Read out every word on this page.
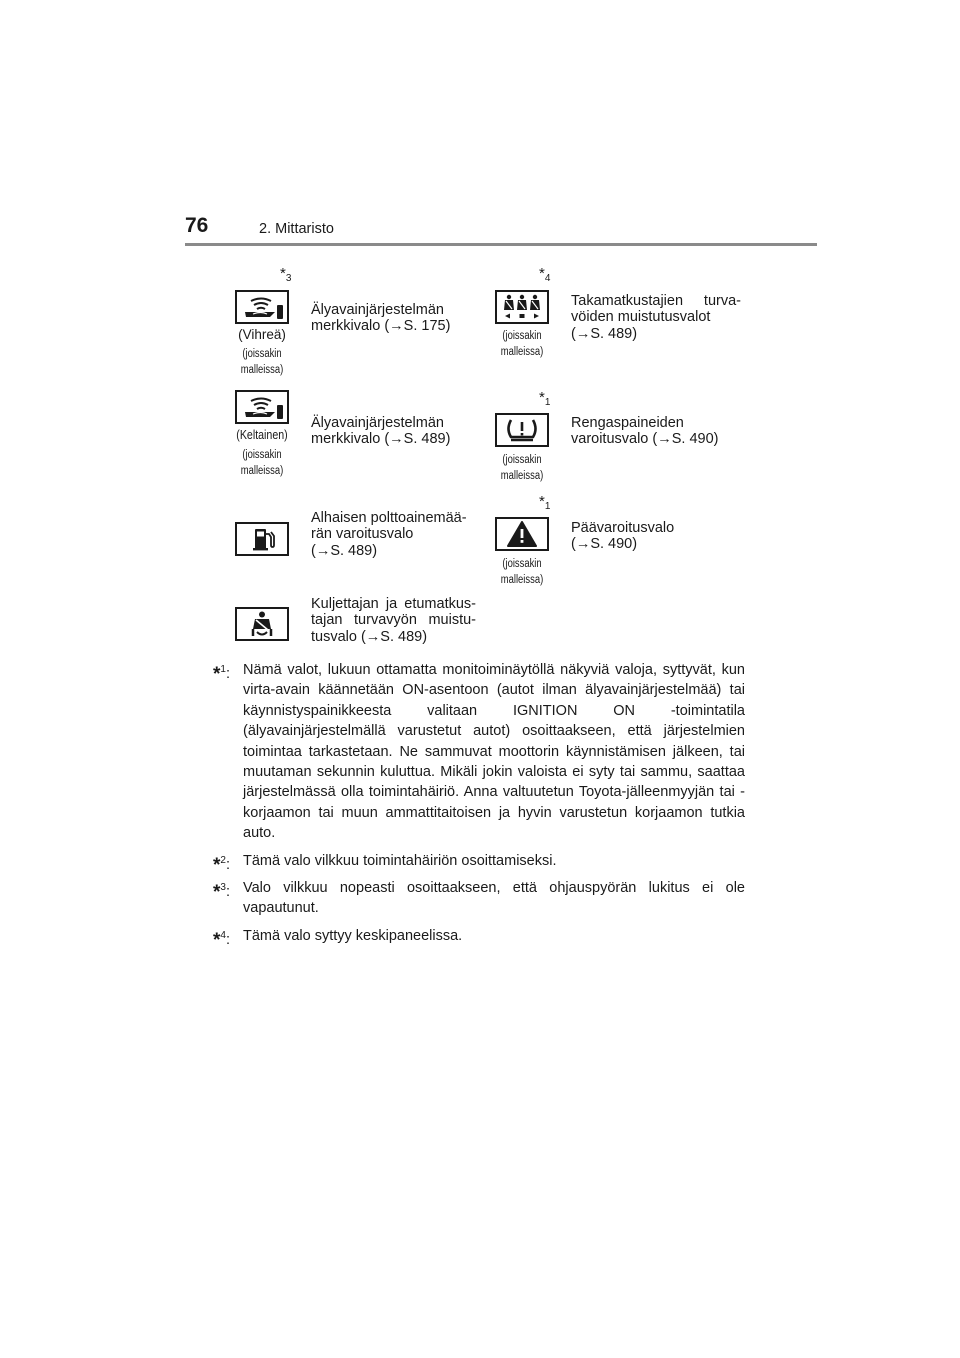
76	2. Mittaristo
$*_3$
(Vihreä)
(joissakin
malleissa)
Älyavainjärjestelmän
merkkivalo (→S. 175)
$*_4$
(joissakin
malleissa)
Takamatkustajien turva-
vöiden muistutusvalot
(→S. 489)
(Keltainen)
(joissakin
malleissa)
Älyavainjärjestelmän
merkkivalo (→S. 489)
$*_1$
(joissakin
malleissa)
Rengaspaineiden
varoitusvalo (→S. 490)
Alhaisen polttoainemää-
rän varoitusvalo
(→S. 489)
$*_1$
(joissakin
malleissa)
Päävaroitusvalo
(→S. 490)
Kuljettajan ja etumatkus-
tajan turvavyön muistu-
tusvalo (→S. 489)
*$^1$: Nämä valot, lukuun ottamatta monitoiminäytöllä näkyviä valoja, syttyvät, kun virta-avain käännetään ON-asentoon (autot ilman älyavainjärjestelmää) tai käynnistyspainikkeesta valitaan IGNITION ON -toimintatila (älyavainjärjestelmällä varustetut autot) osoittaakseen, että järjestelmien toimintaa tarkastetaan. Ne sammuvat moottorin käynnistämisen jälkeen, tai muutaman sekunnin kuluttua. Mikäli jokin valoista ei syty tai sammu, saattaa järjestelmässä olla toimintahäiriö. Anna valtuutetun Toyota-jälleenmyyjän tai -korjaamon tai muun ammattitaitoisen ja hyvin varustetun korjaamon tutkia auto.
*$^2$: Tämä valo vilkkuu toimintahäiriön osoittamiseksi.
*$^3$: Valo vilkkuu nopeasti osoittaakseen, että ohjauspyörän lukitus ei ole vapautunut.
*$^4$: Tämä valo syttyy keskipaneelissa.
